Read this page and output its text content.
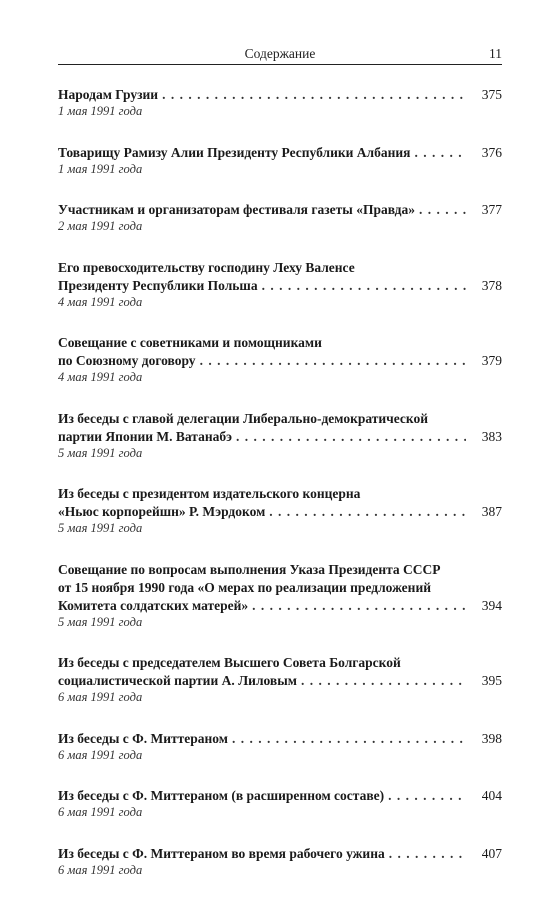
Содержание	11
Народам Грузии . . .	375
1 мая 1991 года
Товарищу Рамизу Алии Президенту Республики Албания . . .	376
1 мая 1991 года
Участникам и организаторам фестиваля газеты «Правда» . . .	377
2 мая 1991 года
Его превосходительству господину Леху Валенсе
Президенту Республики Польша . . .	378
4 мая 1991 года
Совещание с советниками и помощниками
по Союзному договору . . .	379
4 мая 1991 года
Из беседы с главой делегации Либерально-демократической
партии Японии М. Ватанабэ . . .	383
5 мая 1991 года
Из беседы с президентом издательского концерна
«Ньюс корпорейшн» Р. Мэрдоком . . .	387
5 мая 1991 года
Совещание по вопросам выполнения Указа Президента СССР
от 15 ноября 1990 года «О мерах по реализации предложений
Комитета солдатских матерей» . . .	394
5 мая 1991 года
Из беседы с председателем Высшего Совета Болгарской
социалистической партии А. Лиловым . . .	395
6 мая 1991 года
Из беседы с Ф. Миттераном . . .	398
6 мая 1991 года
Из беседы с Ф. Миттераном (в расширенном составе) . . .	404
6 мая 1991 года
Из беседы с Ф. Миттераном во время рабочего ужина . . .	407
6 мая 1991 года
